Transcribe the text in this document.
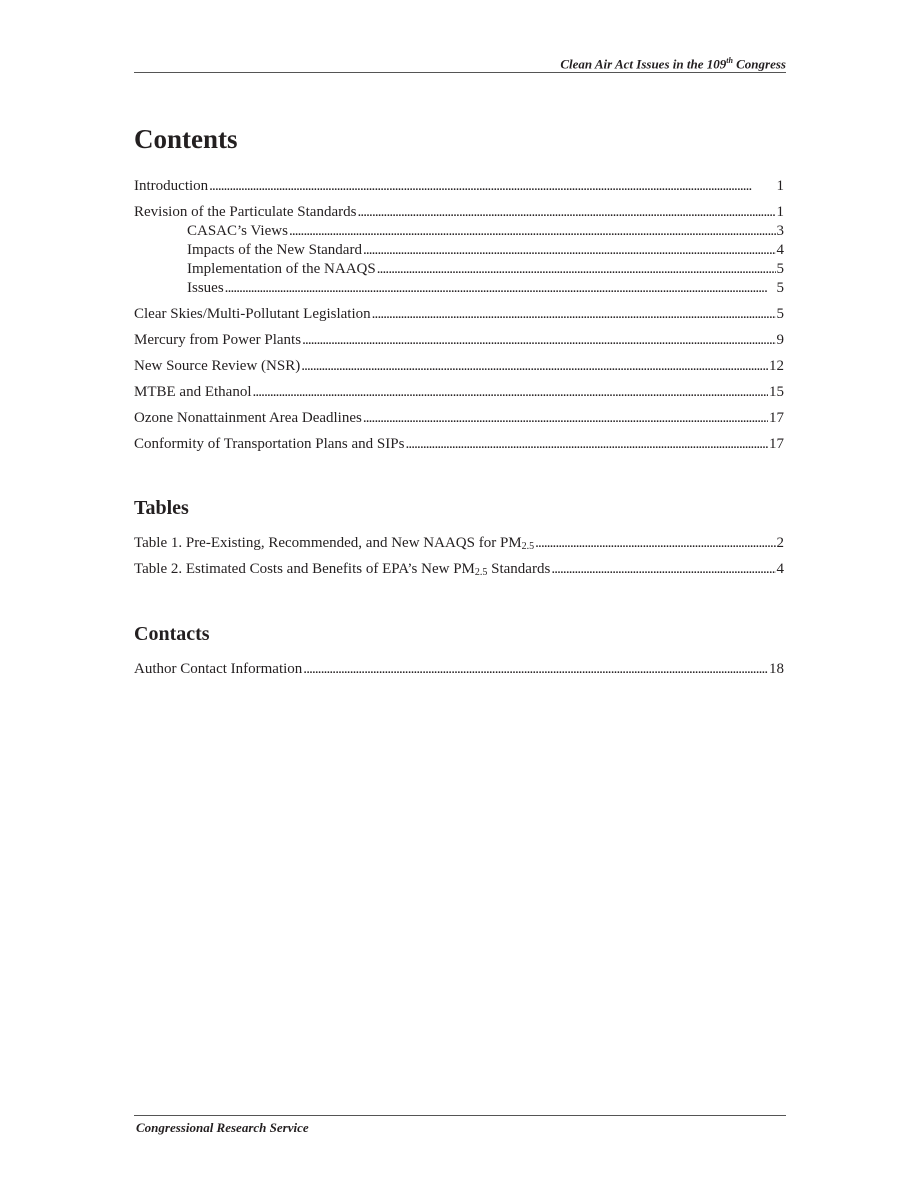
Clean Air Act Issues in the 109th Congress
Contents
Introduction . . .	1
Revision of the Particulate Standards . . .	1
CASAC’s Views . . .	3
Impacts of the New Standard . . .	4
Implementation of the NAAQS . . .	5
Issues . . .	5
Clear Skies/Multi-Pollutant Legislation . . .	5
Mercury from Power Plants . . .	9
New Source Review (NSR) . . .	12
MTBE and Ethanol . . .	15
Ozone Nonattainment Area Deadlines . . .	17
Conformity of Transportation Plans and SIPs . . .	17
Tables
Table 1. Pre-Existing, Recommended, and New NAAQS for $PM_{2.5}$ . . .	2
Table 2. Estimated Costs and Benefits of EPA’s New $PM_{2.5}$ Standards . . .	4
Contacts
Author Contact Information . . .	18
Congressional Research Service
